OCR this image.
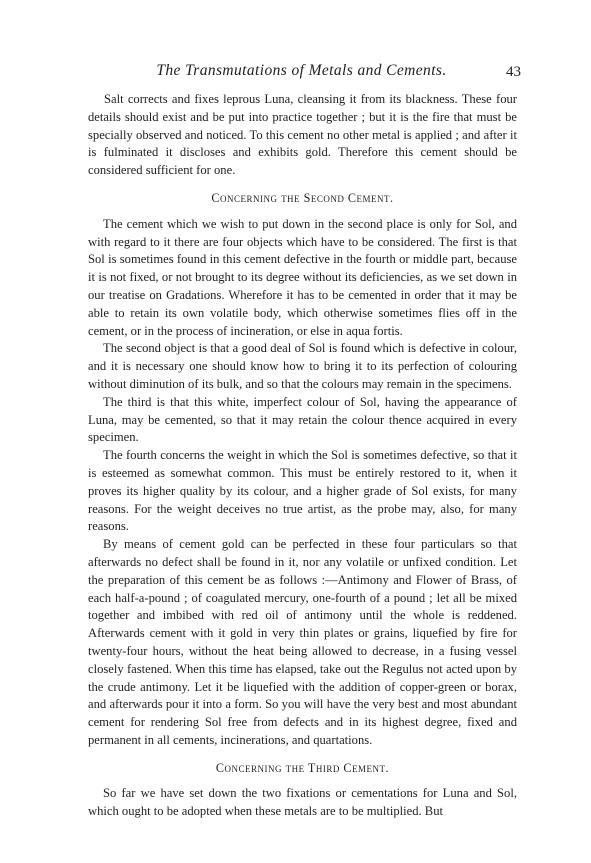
The Transmutations of Metals and Cements.	43

Salt corrects and fixes leprous Luna, cleansing it from its blackness. These four details should exist and be put into practice together ; but it is the fire that must be specially observed and noticed. To this cement no other metal is applied ; and after it is fulminated it discloses and exhibits gold. Therefore this cement should be considered sufficient for one.

Concerning the Second Cement.

The cement which we wish to put down in the second place is only for Sol, and with regard to it there are four objects which have to be considered. The first is that Sol is sometimes found in this cement defective in the fourth or middle part, because it is not fixed, or not brought to its degree without its deficiencies, as we set down in our treatise on Gradations. Wherefore it has to be cemented in order that it may be able to retain its own volatile body, which otherwise sometimes flies off in the cement, or in the process of incineration, or else in aqua fortis.

The second object is that a good deal of Sol is found which is defective in colour, and it is necessary one should know how to bring it to its perfection of colouring without diminution of its bulk, and so that the colours may remain in the specimens.

The third is that this white, imperfect colour of Sol, having the appearance of Luna, may be cemented, so that it may retain the colour thence acquired in every specimen.

The fourth concerns the weight in which the Sol is sometimes defective, so that it is esteemed as somewhat common. This must be entirely restored to it, when it proves its higher quality by its colour, and a higher grade of Sol exists, for many reasons. For the weight deceives no true artist, as the probe may, also, for many reasons.

By means of cement gold can be perfected in these four particulars so that afterwards no defect shall be found in it, nor any volatile or unfixed condition. Let the preparation of this cement be as follows :—Antimony and Flower of Brass, of each half-a-pound ; of coagulated mercury, one-fourth of a pound ; let all be mixed together and imbibed with red oil of antimony until the whole is reddened. Afterwards cement with it gold in very thin plates or grains, liquefied by fire for twenty-four hours, without the heat being allowed to decrease, in a fusing vessel closely fastened. When this time has elapsed, take out the Regulus not acted upon by the crude antimony. Let it be liquefied with the addition of copper-green or borax, and afterwards pour it into a form. So you will have the very best and most abundant cement for rendering Sol free from defects and in its highest degree, fixed and permanent in all cements, incinerations, and quartations.

Concerning the Third Cement.

So far we have set down the two fixations or cementations for Luna and Sol, which ought to be adopted when these metals are to be multiplied. But
